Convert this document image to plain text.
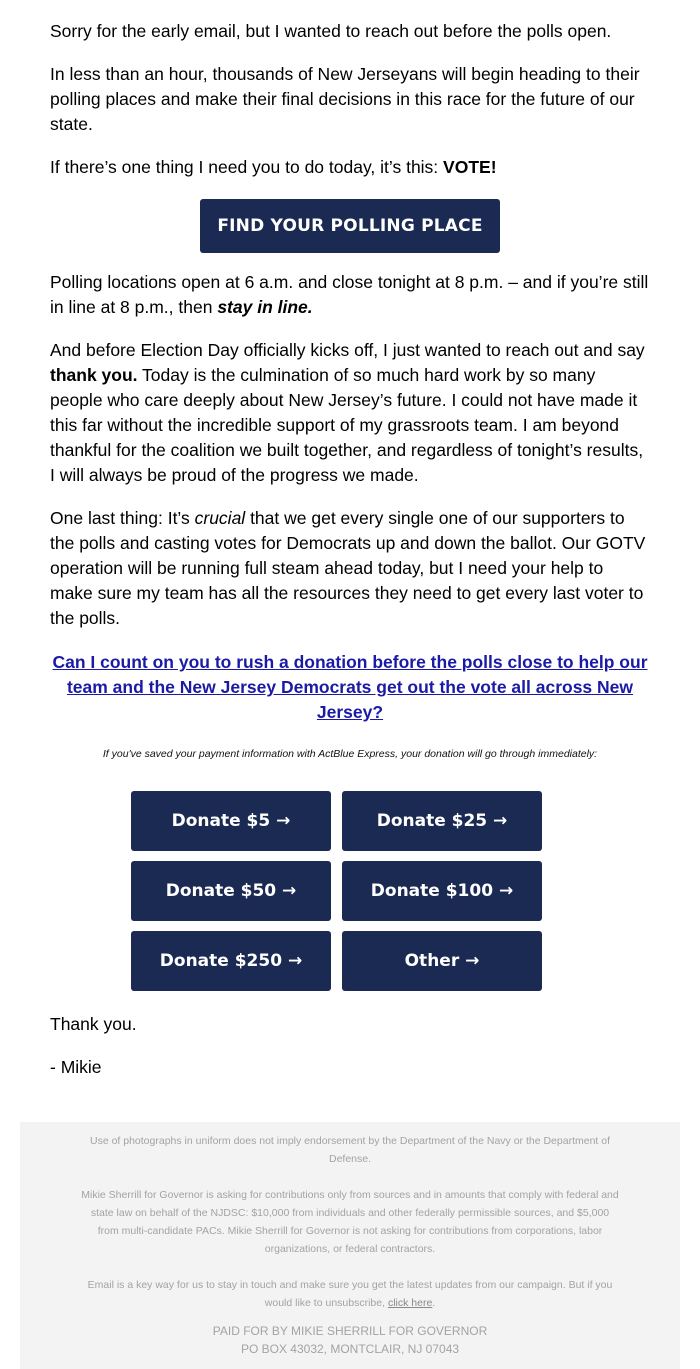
Sorry for the early email, but I wanted to reach out before the polls open.

In less than an hour, thousands of New Jerseyans will begin heading to their polling places and make their final decisions in this race for the future of our state.

If there’s one thing I need you to do today, it’s this: VOTE!

Polling locations open at 6 a.m. and close tonight at 8 p.m. – and if you’re still in line at 8 p.m., then stay in line.

And before Election Day officially kicks off, I just wanted to reach out and say thank you. Today is the culmination of so much hard work by so many people who care deeply about New Jersey’s future. I could not have made it this far without the incredible support of my grassroots team. I am beyond thankful for the coalition we built together, and regardless of tonight’s results, I will always be proud of the progress we made.

One last thing: It’s crucial that we get every single one of our supporters to the polls and casting votes for Democrats up and down the ballot. Our GOTV operation will be running full steam ahead today, but I need your help to make sure my team has all the resources they need to get every last voter to the polls.

FIND YOUR POLLING PLACE
Can I count on you to rush a donation before the polls close to help our team and the New Jersey Democrats get out the vote all across New Jersey?
If you've saved your payment information with ActBlue Express, your donation will go through immediately:
Donate $5 →	Donate $25 →
Donate $50 →	Donate $100 →
Donate $250 →	Other →
Thank you.
- Mikie

Use of photographs in uniform does not imply endorsement by the Department of the Navy or the Department of Defense.

Mikie Sherrill for Governor is asking for contributions only from sources and in amounts that comply with federal and state law on behalf of the NJDSC: $10,000 from individuals and other federally permissible sources, and $5,000 from multi-candidate PACs. Mikie Sherrill for Governor is not asking for contributions from corporations, labor organizations, or federal contractors.

Email is a key way for us to stay in touch and make sure you get the latest updates from our campaign. But if you would like to unsubscribe, click here.

PAID FOR BY MIKIE SHERRILL FOR GOVERNOR
PO BOX 43032, MONTCLAIR, NJ 07043
